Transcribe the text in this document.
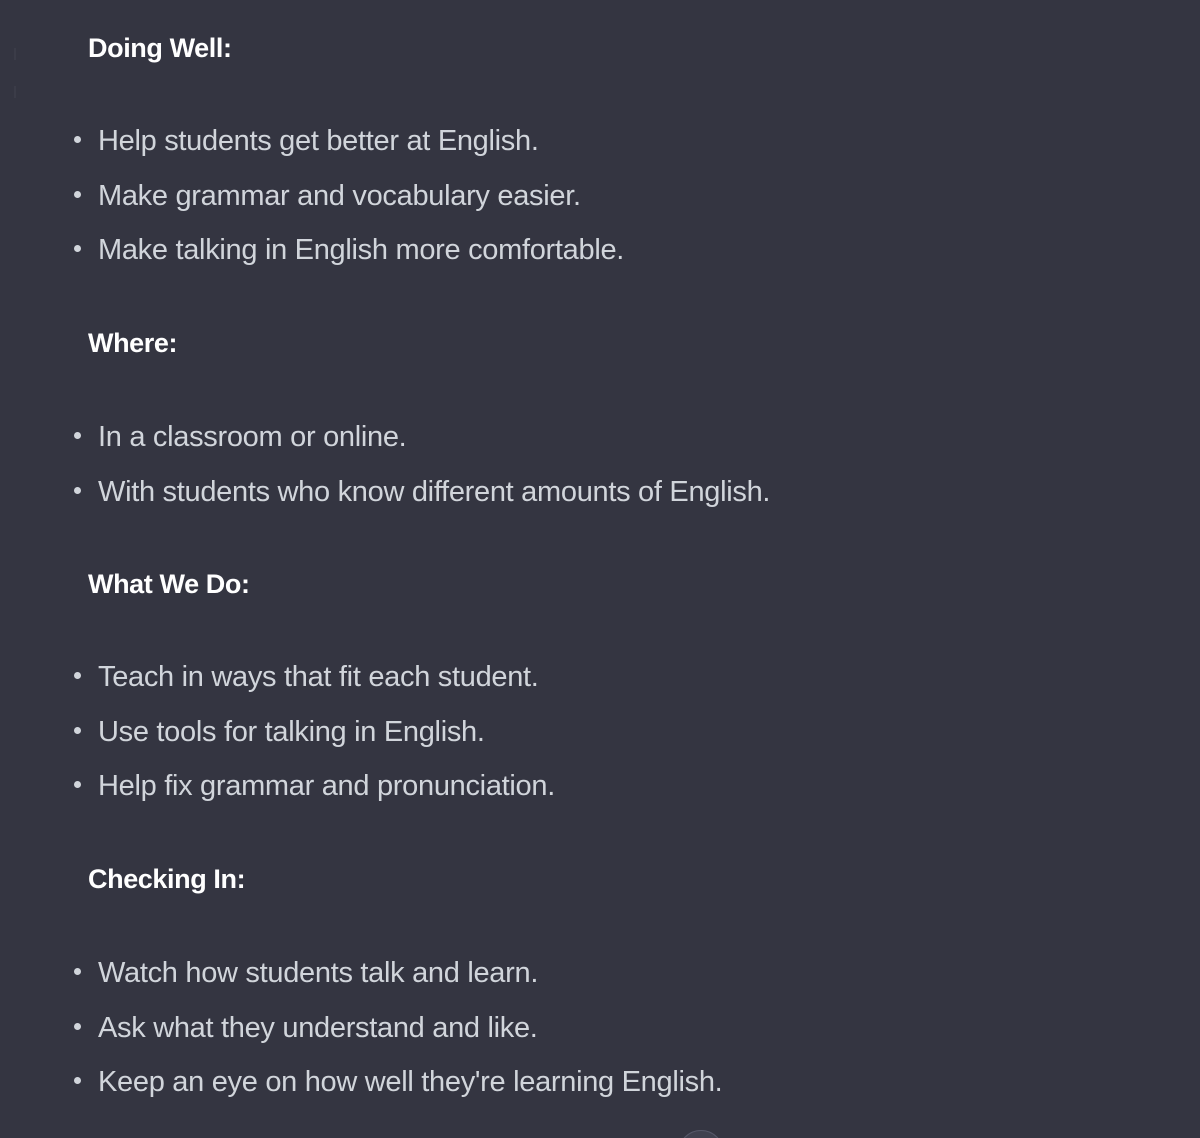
Doing Well:
Help students get better at English.
Make grammar and vocabulary easier.
Make talking in English more comfortable.
Where:
In a classroom or online.
With students who know different amounts of English.
What We Do:
Teach in ways that fit each student.
Use tools for talking in English.
Help fix grammar and pronunciation.
Checking In:
Watch how students talk and learn.
Ask what they understand and like.
Keep an eye on how well they're learning English.
